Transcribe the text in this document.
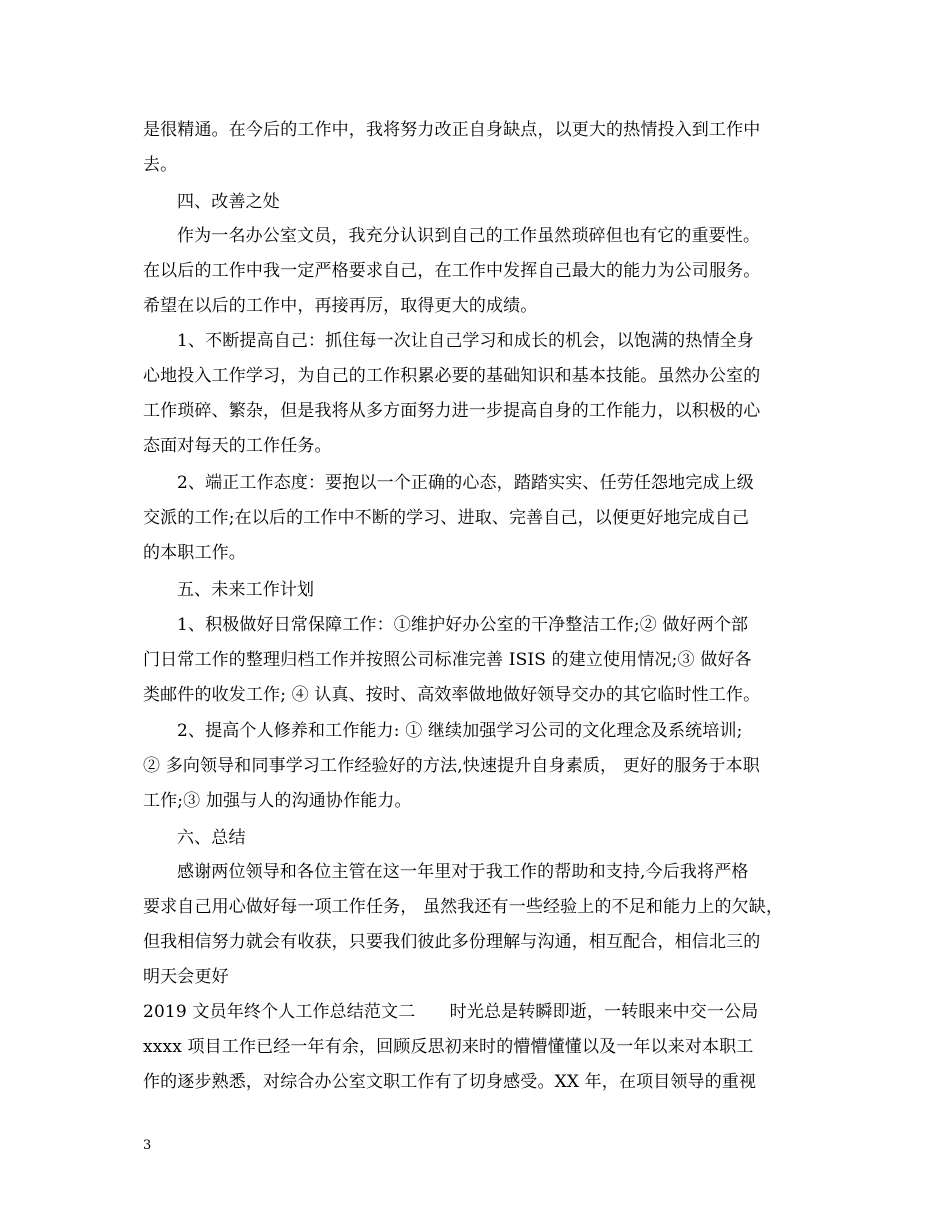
是很精通。在今后的工作中，我将努力改正自身缺点，以更大的热情投入到工作中
去。
四、改善之处
作为一名办公室文员，我充分认识到自己的工作虽然琐碎但也有它的重要性。
在以后的工作中我一定严格要求自己，在工作中发挥自己最大的能力为公司服务。
希望在以后的工作中，再接再厉，取得更大的成绩。
1、不断提高自己：抓住每一次让自己学习和成长的机会，以饱满的热情全身
心地投入工作学习，为自己的工作积累必要的基础知识和基本技能。虽然办公室的
工作琐碎、繁杂，但是我将从多方面努力进一步提高自身的工作能力，以积极的心
态面对每天的工作任务。
2、端正工作态度：要抱以一个正确的心态，踏踏实实、任劳任怨地完成上级
交派的工作;在以后的工作中不断的学习、进取、完善自己，以便更好地完成自己
的本职工作。
五、未来工作计划
1、积极做好日常保障工作：①维护好办公室的干净整洁工作;② 做好两个部
门日常工作的整理归档工作并按照公司标准完善 ISIS 的建立使用情况;③ 做好各
类邮件的收发工作; ④ 认真、按时、高效率做地做好领导交办的其它临时性工作。
2、提高个人修养和工作能力: ① 继续加强学习公司的文化理念及系统培训;
② 多向领导和同事学习工作经验好的方法,快速提升自身素质， 更好的服务于本职
工作;③ 加强与人的沟通协作能力。
六、总结
感谢两位领导和各位主管在这一年里对于我工作的帮助和支持,今后我将严格
要求自己用心做好每一项工作任务， 虽然我还有一些经验上的不足和能力上的欠缺，
但我相信努力就会有收获，只要我们彼此多份理解与沟通，相互配合，相信北三的
明天会更好
2019 文员年终个人工作总结范文二　　时光总是转瞬即逝，一转眼来中交一公局
xxxx 项目工作已经一年有余，回顾反思初来时的懵懵懂懂以及一年以来对本职工
作的逐步熟悉，对综合办公室文职工作有了切身感受。XX 年，在项目领导的重视
3
